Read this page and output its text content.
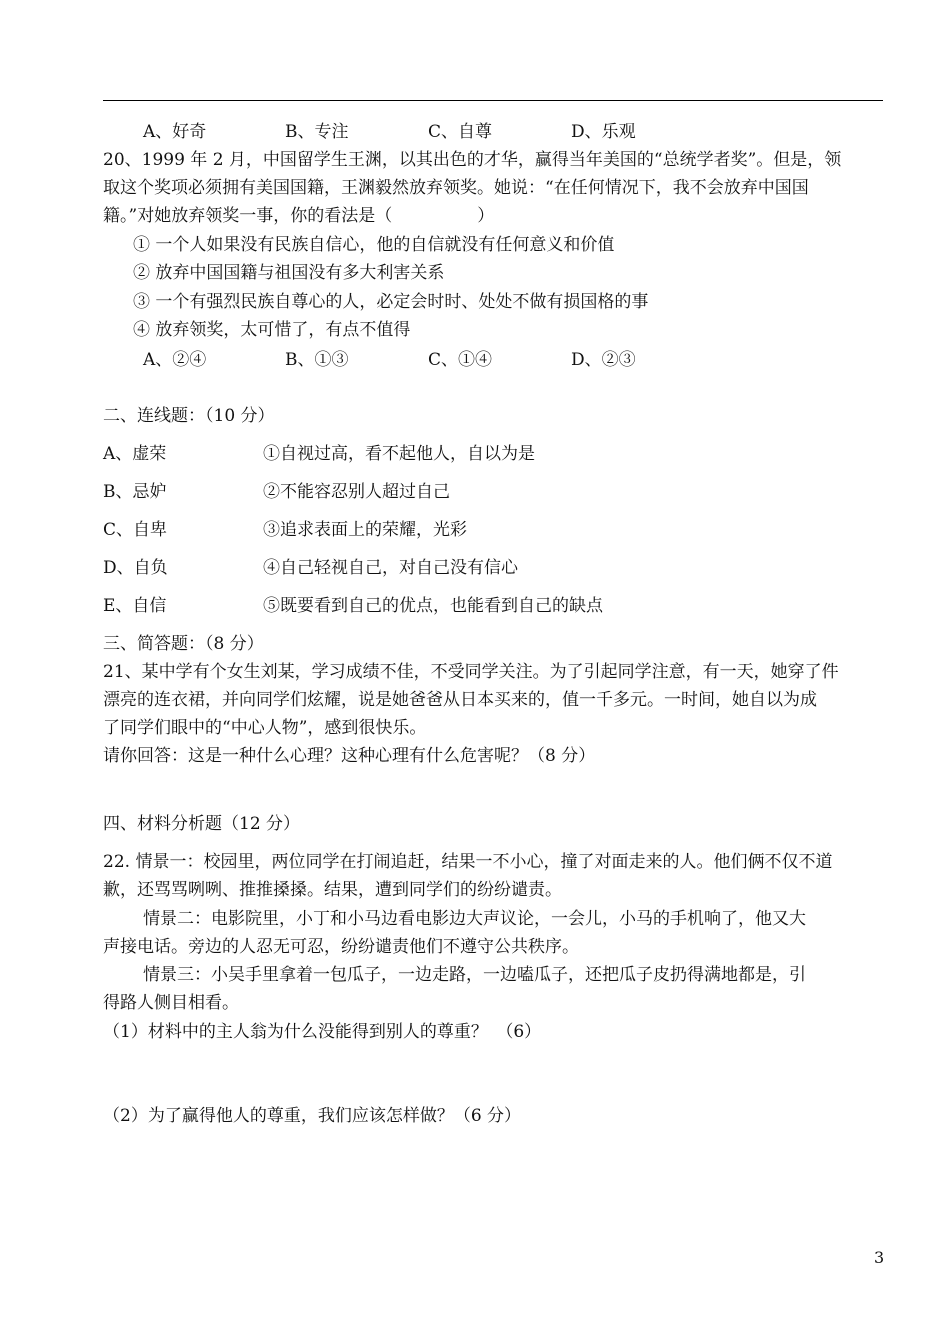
A、好奇	B、专注	C、自尊	D、乐观
20、1999 年 2 月，中国留学生王渊，以其出色的才华，赢得当年美国的“总统学者奖”。但是，领
取这个奖项必须拥有美国国籍，王渊毅然放弃领奖。她说：“在任何情况下，我不会放弃中国国
籍。”对她放弃领奖一事，你的看法是（　　　　　）
① 一个人如果没有民族自信心，他的自信就没有任何意义和价值
② 放弃中国国籍与祖国没有多大利害关系
③ 一个有强烈民族自尊心的人，必定会时时、处处不做有损国格的事
④ 放弃领奖，太可惜了，有点不值得
A、②④	B、①③	C、①④	D、②③
二、连线题：（10 分）
A、虚荣	①自视过高，看不起他人，自以为是
B、忌妒	②不能容忍别人超过自己
C、自卑	③追求表面上的荣耀，光彩
D、自负	④自己轻视自己，对自己没有信心
E、自信	⑤既要看到自己的优点，也能看到自己的缺点
三、简答题：（8 分）
21、某中学有个女生刘某，学习成绩不佳，不受同学关注。为了引起同学注意，有一天，她穿了件
漂亮的连衣裙，并向同学们炫耀，说是她爸爸从日本买来的，值一千多元。一时间，她自以为成
了同学们眼中的“中心人物”，感到很快乐。
请你回答：这是一种什么心理？这种心理有什么危害呢？（8 分）
四、材料分析题（12 分）
22. 情景一：校园里，两位同学在打闹追赶，结果一不小心，撞了对面走来的人。他们俩不仅不道
歉，还骂骂咧咧、推推搡搡。结果，遭到同学们的纷纷谴责。
情景二：电影院里，小丁和小马边看电影边大声议论，一会儿，小马的手机响了，他又大
声接电话。旁边的人忍无可忍，纷纷谴责他们不遵守公共秩序。
情景三：小吴手里拿着一包瓜子，一边走路，一边嗑瓜子，还把瓜子皮扔得满地都是，引
得路人侧目相看。
（1）材料中的主人翁为什么没能得到别人的尊重？　（6）
（2）为了赢得他人的尊重，我们应该怎样做？（6 分）
3
